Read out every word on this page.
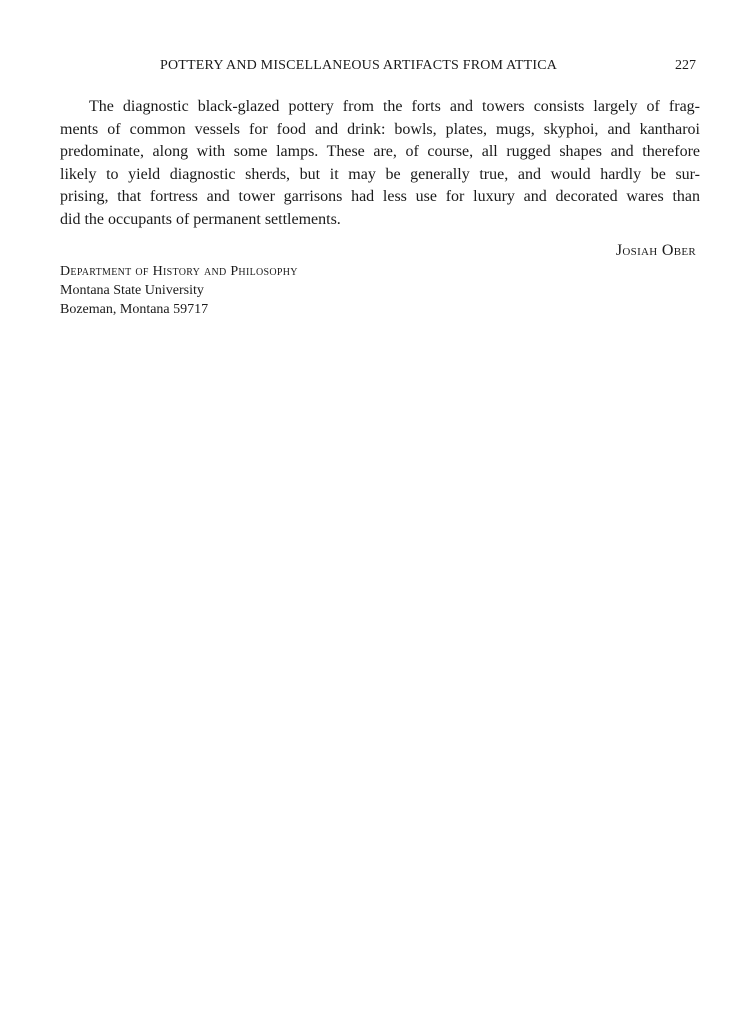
POTTERY AND MISCELLANEOUS ARTIFACTS FROM ATTICA	227
The diagnostic black-glazed pottery from the forts and towers consists largely of frag-
ments of common vessels for food and drink: bowls, plates, mugs, skyphoi, and kantharoi
predominate, along with some lamps. These are, of course, all rugged shapes and therefore
likely to yield diagnostic sherds, but it may be generally true, and would hardly be sur-
prising, that fortress and tower garrisons had less use for luxury and decorated wares than
did the occupants of permanent settlements.
Josiah Ober
Department of History and Philosophy
Montana State University
Bozeman, Montana 59717
